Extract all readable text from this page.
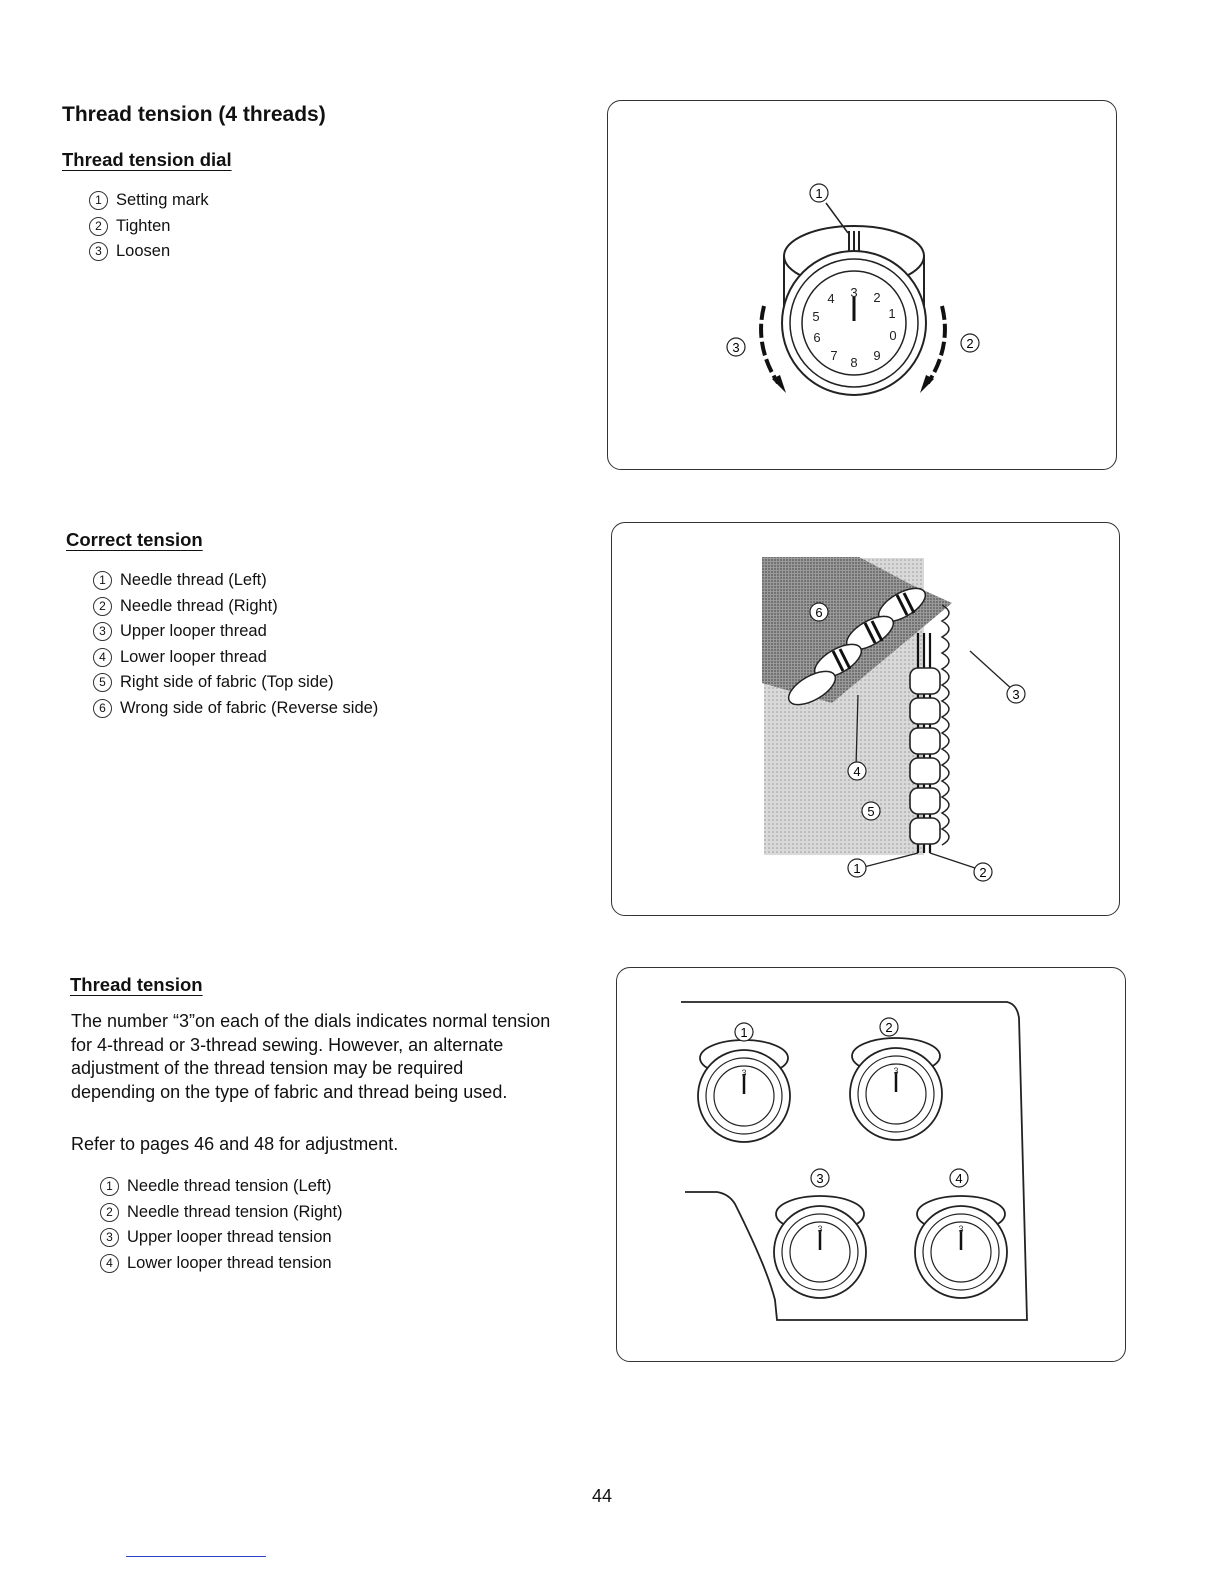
Thread tension (4 threads)
Thread tension dial
1 Setting mark
2 Tighten
3 Loosen
3 2
1
0
9
8
7
6
5
4
1
2
3
Correct tension
1 Needle thread (Left)
2 Needle thread (Right)
3 Upper looper thread
4 Lower looper thread
5 Right side of fabric (Top side)
6 Wrong side of fabric (Reverse side)
1	2
3
4
5
6
Thread tension

The number “3”on each of the dials indicates normal tension for 4-thread or 3-thread sewing. However, an alternate adjustment of the thread tension may be required depending on the type of fabric and thread being used.

Refer to pages 46 and 48 for adjustment.

1 Needle thread tension (Left)
2 Needle thread tension (Right)
3 Upper looper thread tension
4 Lower looper thread tension
3	3
3	3
1	2
3	4
44
